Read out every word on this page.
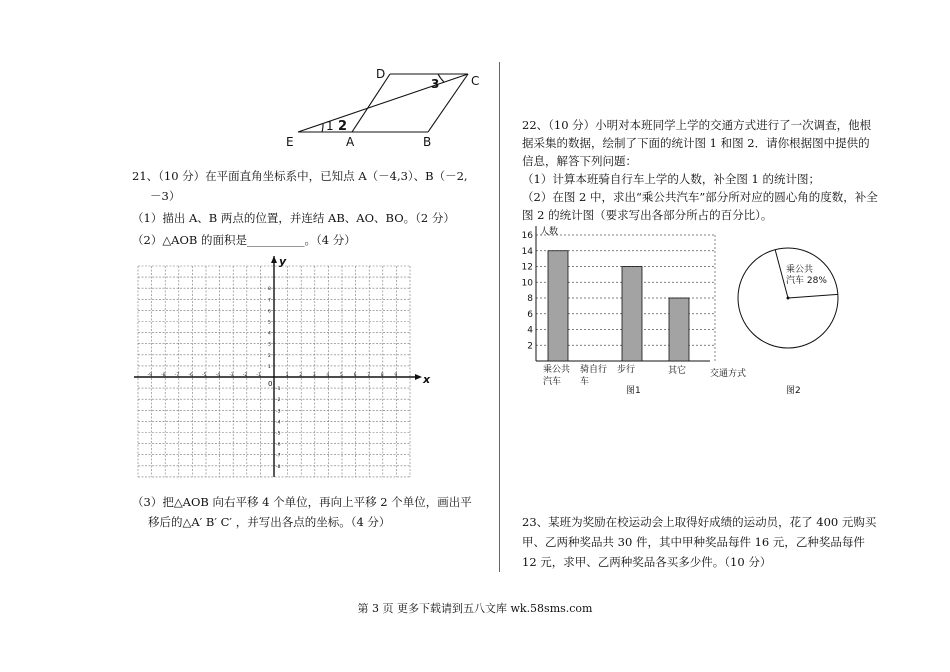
D	C
E	A	B
1 2
3
21、（10 分）在平面直角坐标系中，已知点 A（－4,3）、B（－2,
－3）
（1）描出 A、B 两点的位置，并连结 AB、AO、BO。（2 分）
（2）△AOB 的面积是__________。（4 分）
x
y
0
-9 -8 -7 -6 -5 -4 -3 -2 -1	1 2 3 4 5 6 7 8 9
8
7
6
5
4
3
2
1
-1
-2
-3
-4
-5
-6
-7
-8
（3）把△AOB 向右平移 4 个单位，再向上平移 2 个单位，画出平
移后的△A′ B′ C′ ，并写出各点的坐标。（4 分）
22、（10 分）小明对本班同学上学的交通方式进行了一次调查，他根据采集的数据，绘制了下面的统计图 1 和图 2．请你根据图中提供的信息，解答下列问题：
（1）计算本班骑自行车上学的人数，补全图 1 的统计图；
（2）在图 2 中，求出“乘公共汽车”部分所对应的圆心角的度数，补全图 2 的统计图（要求写出各部分所占的百分比）。
2
4
6
8
10
12
14
16 人数
交通方式
乘公共
汽车
骑自行
车
步行	其它
图1
乘公共
汽车 28%
图2
23、某班为奖励在校运动会上取得好成绩的运动员，花了 400 元购买甲、乙两种奖品共 30 件，其中甲种奖品每件 16 元，乙种奖品每件 12 元，求甲、乙两种奖品各买多少件。（10 分）
第 3 页 更多下载请到五八文库 wk.58sms.com
